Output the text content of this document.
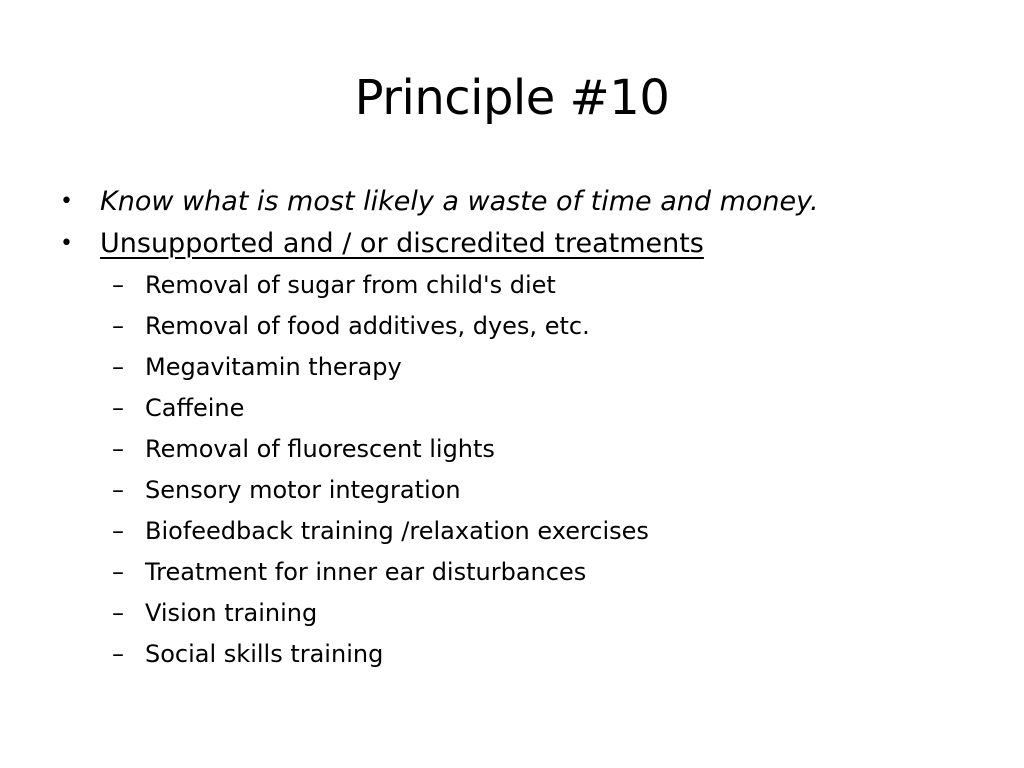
Principle #10
• Know what is most likely a waste of time and money.
• Unsupported and / or discredited treatments
– Removal of sugar from child's diet
– Removal of food additives, dyes, etc.
– Megavitamin therapy
– Caffeine
– Removal of fluorescent lights
– Sensory motor integration
– Biofeedback training /relaxation exercises
– Treatment for inner ear disturbances
– Vision training
– Social skills training
